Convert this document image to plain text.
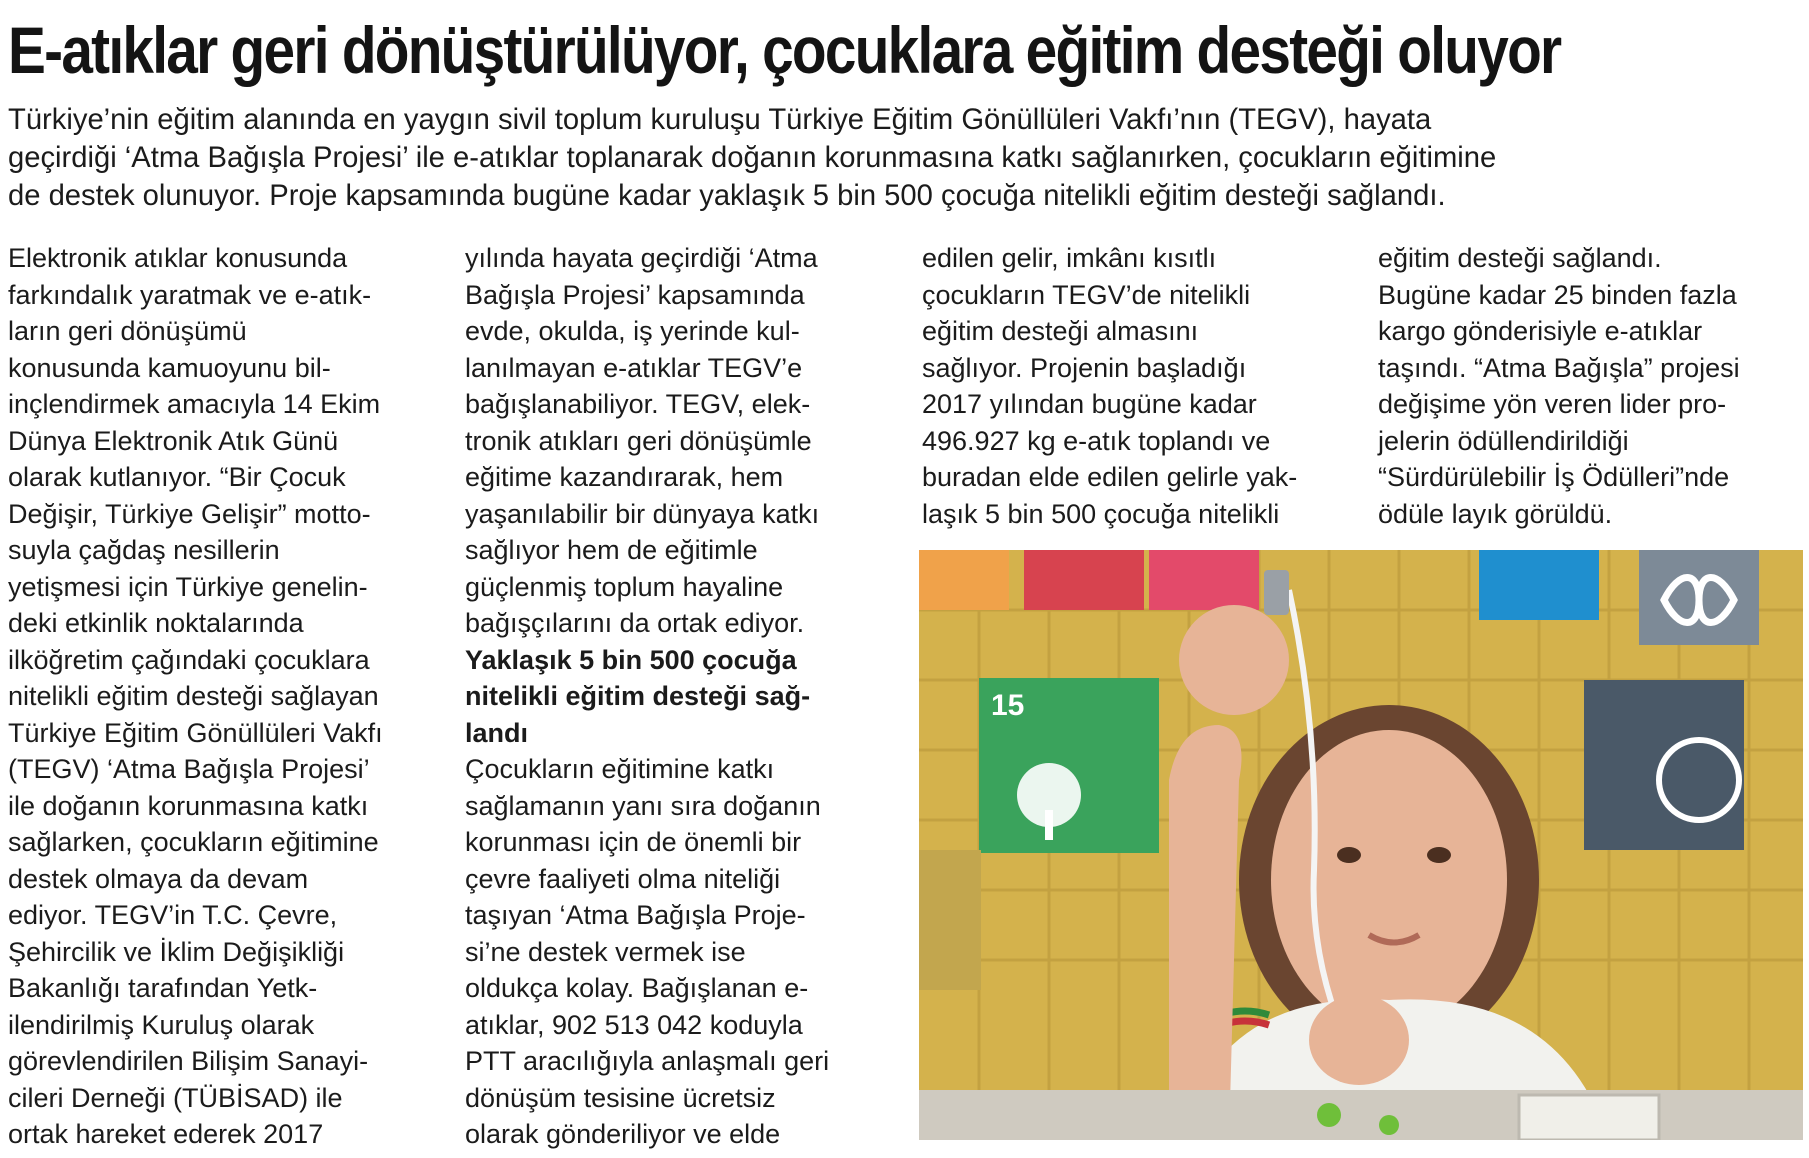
E-atıklar geri dönüştürülüyor, çocuklara eğitim desteği oluyor
Türkiye’nin eğitim alanında en yaygın sivil toplum kuruluşu Türkiye Eğitim Gönüllüleri Vakfı’nın (TEGV), hayata
geçirdiği ‘Atma Bağışla Projesi’ ile e-atıklar toplanarak doğanın korunmasına katkı sağlanırken, çocukların eğitimine
de destek olunuyor. Proje kapsamında bugüne kadar yaklaşık 5 bin 500 çocuğa nitelikli eğitim desteği sağlandı.
Elektronik atıklar konusunda
farkındalık yaratmak ve e-atık-
ların geri dönüşümü
konusunda kamuoyunu bil-
inçlendirmek amacıyla 14 Ekim
Dünya Elektronik Atık Günü
olarak kutlanıyor. “Bir Çocuk
Değişir, Türkiye Gelişir” motto-
suyla çağdaş nesillerin
yetişmesi için Türkiye genelin-
deki etkinlik noktalarında
ilköğretim çağındaki çocuklara
nitelikli eğitim desteği sağlayan
Türkiye Eğitim Gönüllüleri Vakfı
(TEGV) ‘Atma Bağışla Projesi’
ile doğanın korunmasına katkı
sağlarken, çocukların eğitimine
destek olmaya da devam
ediyor. TEGV’in T.C. Çevre,
Şehircilik ve İklim Değişikliği
Bakanlığı tarafından Yetk-
ilendirilmiş Kuruluş olarak
görevlendirilen Bilişim Sanayi-
cileri Derneği (TÜBİSAD) ile
ortak hareket ederek 2017
yılında hayata geçirdiği ‘Atma
Bağışla Projesi’ kapsamında
evde, okulda, iş yerinde kul-
lanılmayan e-atıklar TEGV’e
bağışlanabiliyor. TEGV, elek-
tronik atıkları geri dönüşümle
eğitime kazandırarak, hem
yaşanılabilir bir dünyaya katkı
sağlıyor hem de eğitimle
güçlenmiş toplum hayaline
bağışçılarını da ortak ediyor.
Yaklaşık 5 bin 500 çocuğa
nitelikli eğitim desteği sağ-
landı
Çocukların eğitimine katkı
sağlamanın yanı sıra doğanın
korunması için de önemli bir
çevre faaliyeti olma niteliği
taşıyan ‘Atma Bağışla Proje-
si’ne destek vermek ise
oldukça kolay. Bağışlanan e-
atıklar, 902 513 042 koduyla
PTT aracılığıyla anlaşmalı geri
dönüşüm tesisine ücretsiz
olarak gönderiliyor ve elde
edilen gelir, imkânı kısıtlı
çocukların TEGV’de nitelikli
eğitim desteği almasını
sağlıyor. Projenin başladığı
2017 yılından bugüne kadar
496.927 kg e-atık toplandı ve
buradan elde edilen gelirle yak-
laşık 5 bin 500 çocuğa nitelikli
eğitim desteği sağlandı.
Bugüne kadar 25 binden fazla
kargo gönderisiyle e-atıklar
taşındı. “Atma Bağışla” projesi
değişime yön veren lider pro-
jelerin ödüllendirildiği
“Sürdürülebilir İş Ödülleri”nde
ödüle layık görüldü.
15
